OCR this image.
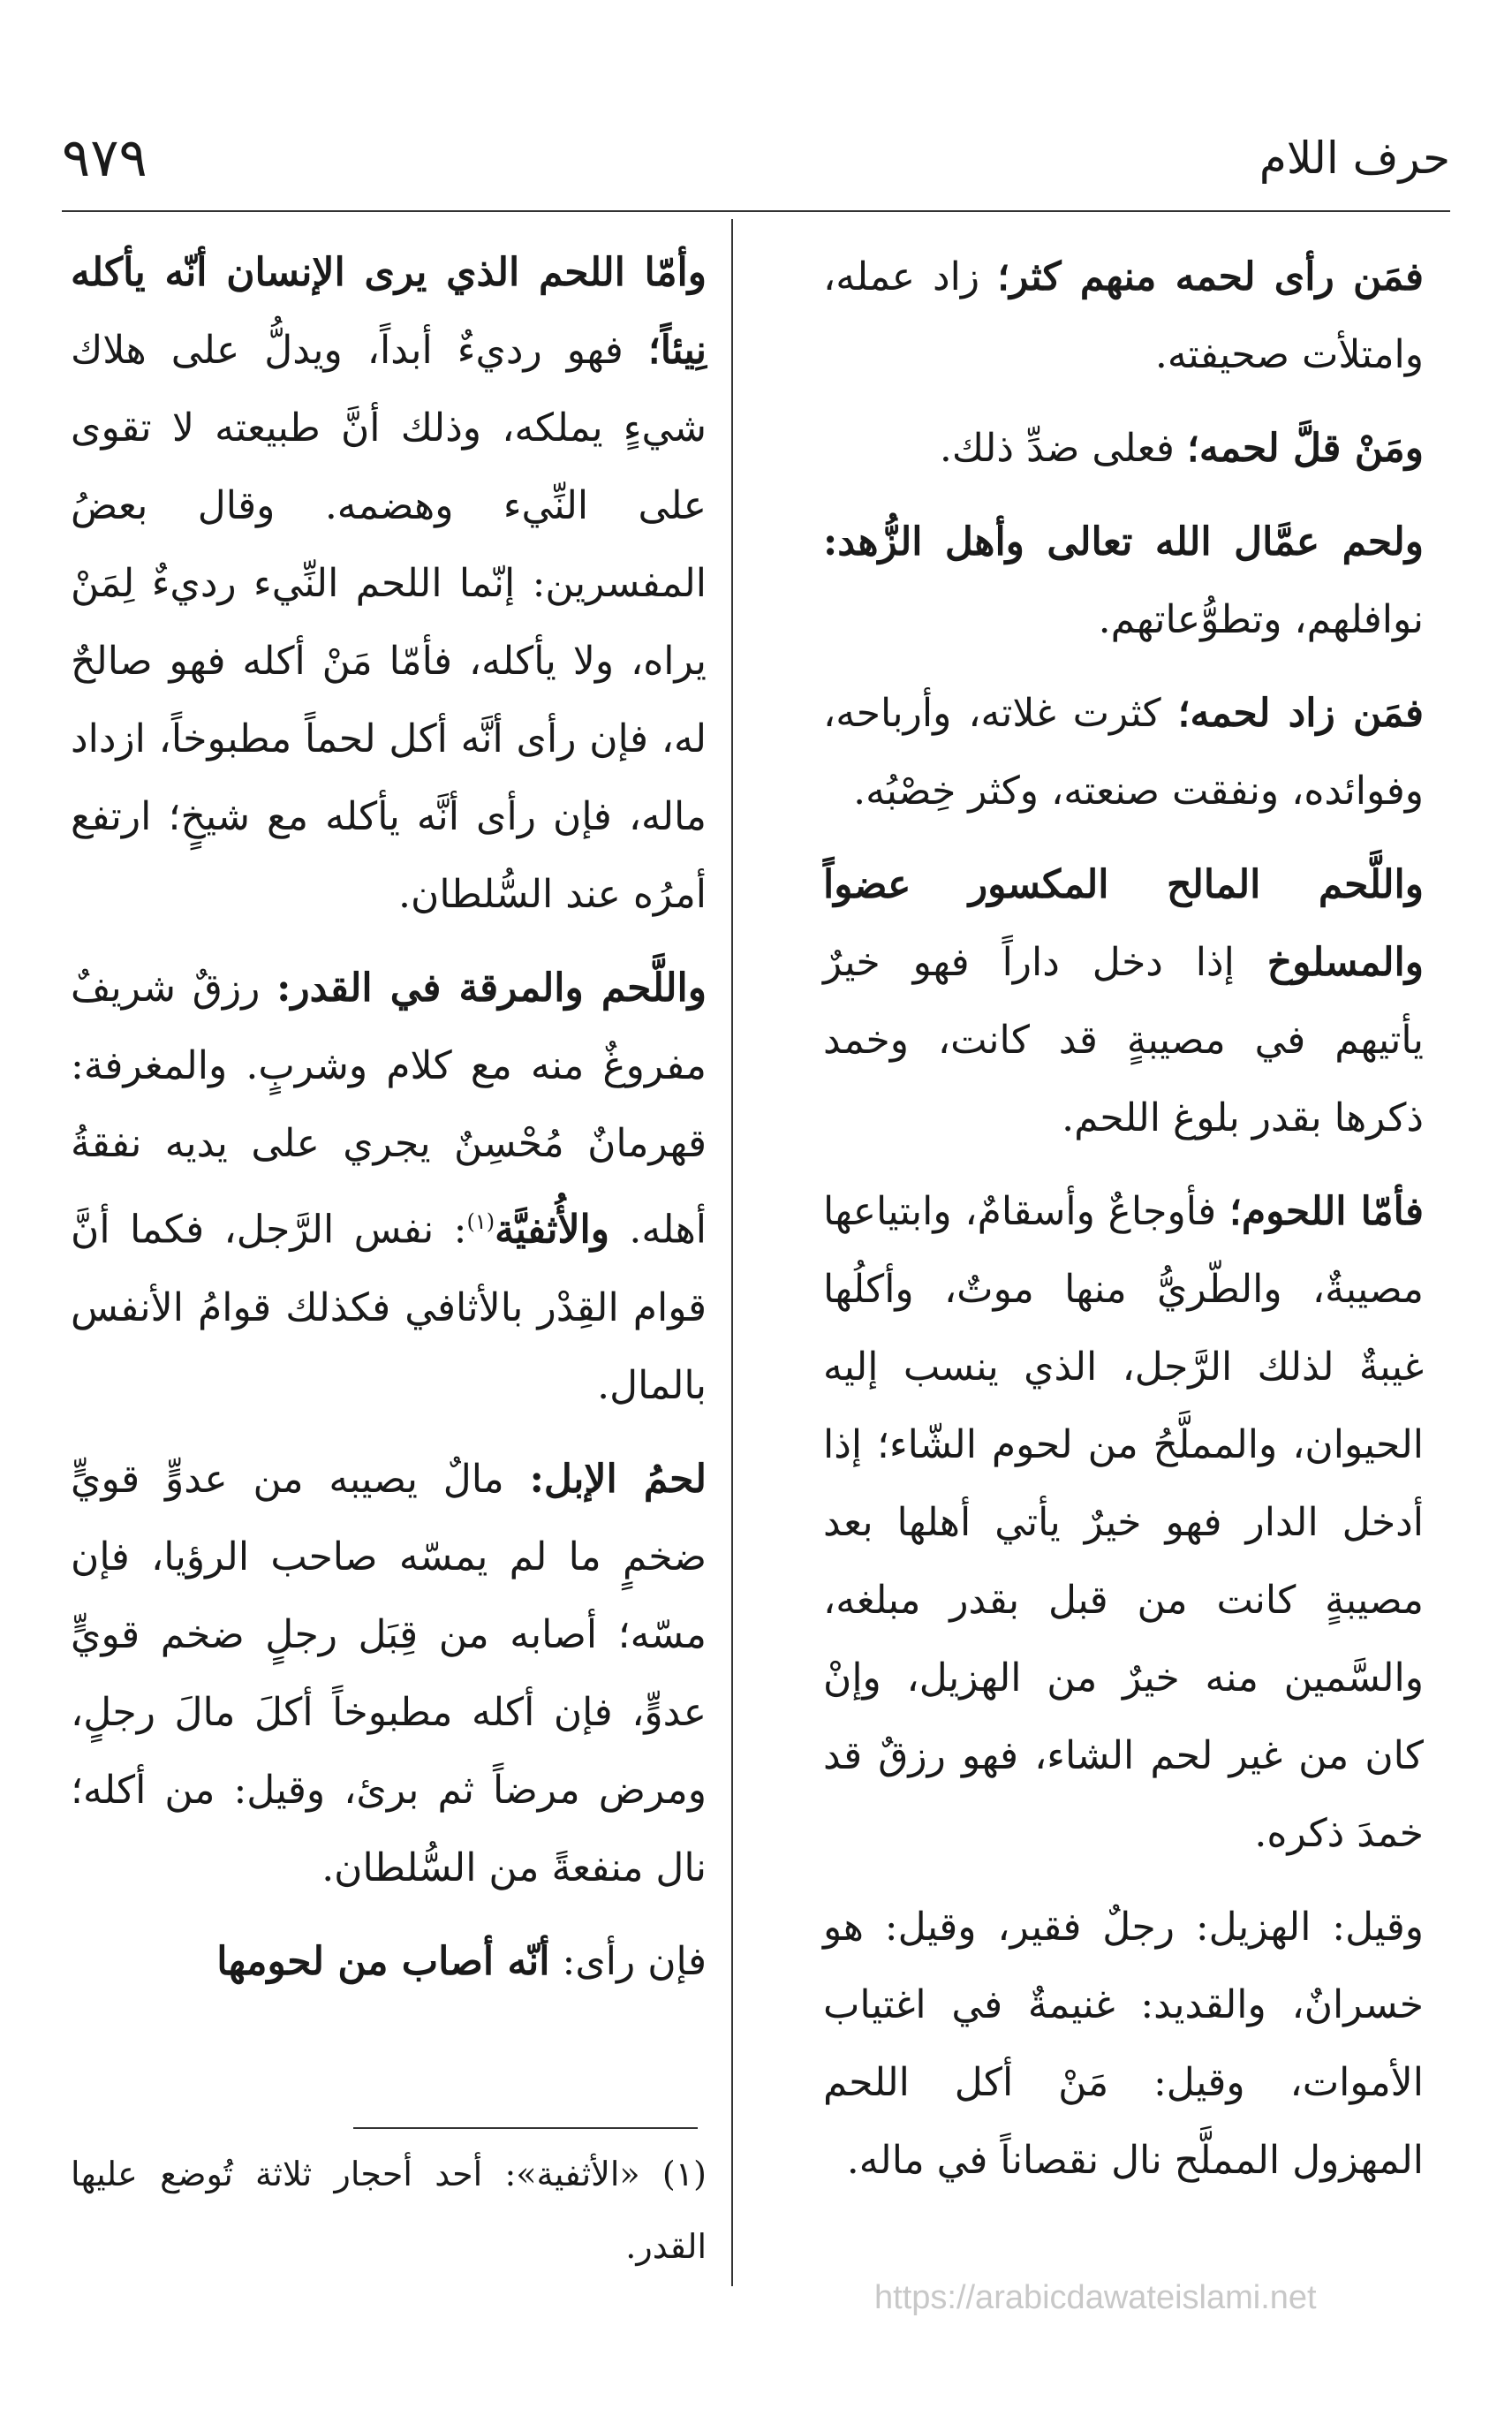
حرف اللام
٩٧٩

فمَن رأى لحمه منهم كثر؛ زاد عمله، وامتلأت صحيفته.

ومَنْ قلَّ لحمه؛ فعلى ضدِّ ذلك.

ولحم عمَّال الله تعالى وأهل الزُّهد: نوافلهم، وتطوُّعاتهم.

فمَن زاد لحمه؛ كثرت غلاته، وأرباحه، وفوائده، ونفقت صنعته، وكثر خِصْبُه.

واللَّحم المالح المكسور عضواً والمسلوخ إذا دخل داراً فهو خيرٌ يأتيهم في مصيبةٍ قد كانت، وخمد ذكرها بقدر بلوغ اللحم.

فأمّا اللحوم؛ فأوجاعٌ وأسقامٌ، وابتياعها مصيبةٌ، والطّريُّ منها موتٌ، وأكلُها غيبةٌ لذلك الرَّجل، الذي ينسب إليه الحيوان، والمملَّحُ من لحوم الشّاء؛ إذا أدخل الدار فهو خيرٌ يأتي أهلها بعد مصيبةٍ كانت من قبل بقدر مبلغه، والسَّمين منه خيرٌ من الهزيل، وإنْ كان من غير لحم الشاء، فهو رزقٌ قد خمدَ ذكره.

وقيل: الهزيل: رجلٌ فقير، وقيل: هو خسرانٌ، والقديد: غنيمةٌ في اغتياب الأموات، وقيل: مَنْ أكل اللحم المهزول المملَّح نال نقصاناً في ماله.

وأمّا اللحم الذي يرى الإنسان أنّه يأكله نِيئاً؛ فهو رديءٌ أبداً، ويدلُّ على هلاك شيءٍ يملكه، وذلك أنَّ طبيعته لا تقوى على النِّيء وهضمه. وقال بعضُ المفسرين: إنّما اللحم النِّيء رديءٌ لِمَنْ يراه، ولا يأكله، فأمّا مَنْ أكله فهو صالحٌ له، فإن رأى أنَّه أكل لحماً مطبوخاً، ازداد ماله، فإن رأى أنَّه يأكله مع شيخٍ؛ ارتفع أمرُه عند السُّلطان.

واللَّحم والمرقة في القدر: رزقٌ شريفٌ مفروغٌ منه مع كلام وشربٍ. والمغرفة: قهرمانٌ مُحْسِنٌ يجري على يديه نفقةُ أهله. والأُثفيَّة$^{(١)}$: نفس الرَّجل، فكما أنَّ قوام القِدْر بالأثافي فكذلك قوامُ الأنفس بالمال.

لحمُ الإبل: مالٌ يصيبه من عدوٍّ قويٍّ ضخمٍ ما لم يمسّه صاحب الرؤيا، فإن مسّه؛ أصابه من قِبَل رجلٍ ضخم قويٍّ عدوٍّ، فإن أكله مطبوخاً أكلَ مالَ رجلٍ، ومرض مرضاً ثم برئ، وقيل: من أكله؛ نال منفعةً من السُّلطان.

فإن رأى: أنّه أصاب من لحومها

(١) «الأثفية»: أحد أحجار ثلاثة تُوضع عليها القدر.
https://arabicdawateislami.net
